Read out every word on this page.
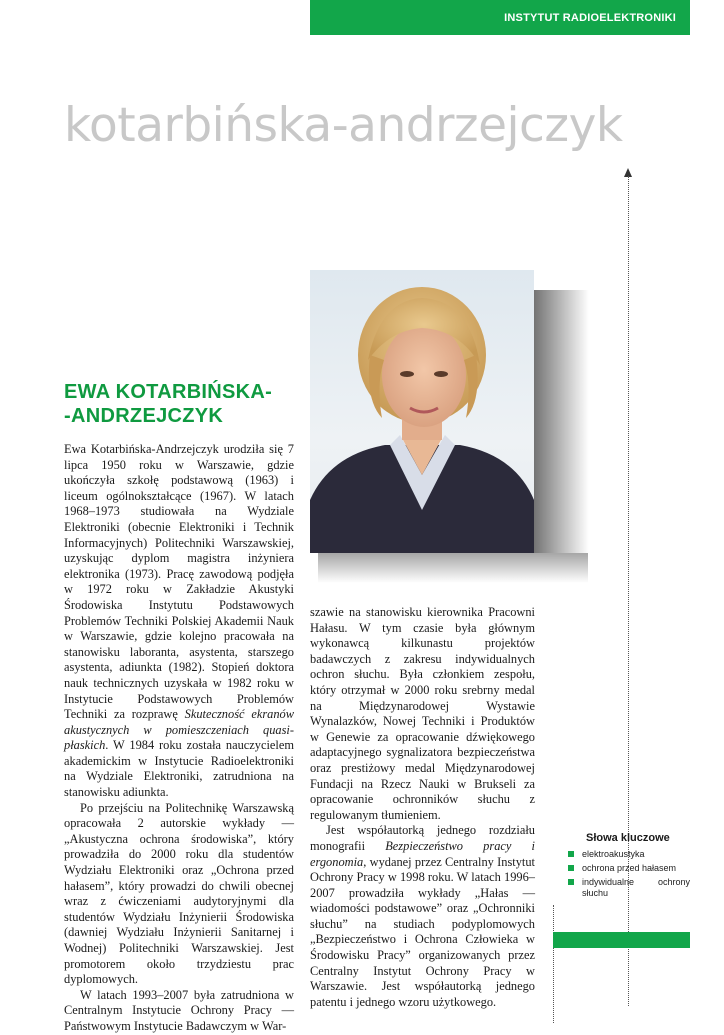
INSTYTUT RADIOELEKTRONIKI
kotarbińska-andrzejczyk
EWA KOTARBIŃSKA-
-ANDRZEJCZYK

Ewa Kotarbińska-Andrzejczyk urodziła się 7 lipca 1950 roku w Warszawie, gdzie ukończyła szkołę podstawową (1963) i liceum ogólnokształcące (1967). W latach 1968–1973 studiowała na Wydziale Elektroniki (obecnie Elektroniki i Technik Informacyjnych) Politechniki Warszawskiej, uzyskując dyplom magistra inżyniera elektronika (1973). Pracę zawodową podjęła w 1972 roku w Zakładzie Akustyki Środowiska Instytutu Podstawowych Problemów Techniki Polskiej Akademii Nauk w Warszawie, gdzie kolejno pracowała na stanowisku laboranta, asystenta, starszego asystenta, adiunkta (1982). Stopień doktora nauk technicznych uzyskała w 1982 roku w Instytucie Podstawowych Problemów Techniki za rozprawę Skuteczność ekranów akustycznych w pomieszczeniach quasi-płaskich. W 1984 roku została nauczycielem akademickim w Instytucie Radioelektroniki na Wydziale Elektroniki, zatrudniona na stanowisku adiunkta.

Po przejściu na Politechnikę Warszawską opracowała 2 autorskie wykłady — „Akustyczna ochrona środowiska”, który prowadziła do 2000 roku dla studentów Wydziału Elektroniki oraz „Ochrona przed hałasem”, który prowadzi do chwili obecnej wraz z ćwiczeniami audytoryjnymi dla studentów Wydziału Inżynierii Środowiska (dawniej Wydziału Inżynierii Sanitarnej i Wodnej) Politechniki Warszawskiej. Jest promotorem około trzydziestu prac dyplomowych.

W latach 1993–2007 była zatrudniona w Centralnym Instytucie Ochrony Pracy — Państwowym Instytucie Badawczym w War-

szawie na stanowisku kierownika Pracowni Hałasu. W tym czasie była głównym wykonawcą kilkunastu projektów badawczych z zakresu indywidualnych ochron słuchu. Była członkiem zespołu, który otrzymał w 2000 roku srebrny medal na Międzynarodowej Wystawie Wynalazków, Nowej Techniki i Produktów w Genewie za opracowanie dźwiękowego adaptacyjnego sygnalizatora bezpieczeństwa oraz prestiżowy medal Międzynarodowej Fundacji na Rzecz Nauki w Brukseli za opracowanie ochronników słuchu z regulowanym tłumieniem.

Jest współautorką jednego rozdziału monografii Bezpieczeństwo pracy i ergonomia, wydanej przez Centralny Instytut Ochrony Pracy w 1998 roku. W latach 1996–2007 prowadziła wykłady „Hałas — wiadomości podstawowe” oraz „Ochronniki słuchu” na studiach podyplomowych „Bezpieczeństwo i Ochrona Człowieka w Środowisku Pracy” organizowanych przez Centralny Instytut Ochrony Pracy w Warszawie. Jest współautorką jednego patentu i jednego wzoru użytkowego.

Słowa kluczowe
elektroakustyka
ochrona przed hałasem
indywidualne ochrony słuchu
